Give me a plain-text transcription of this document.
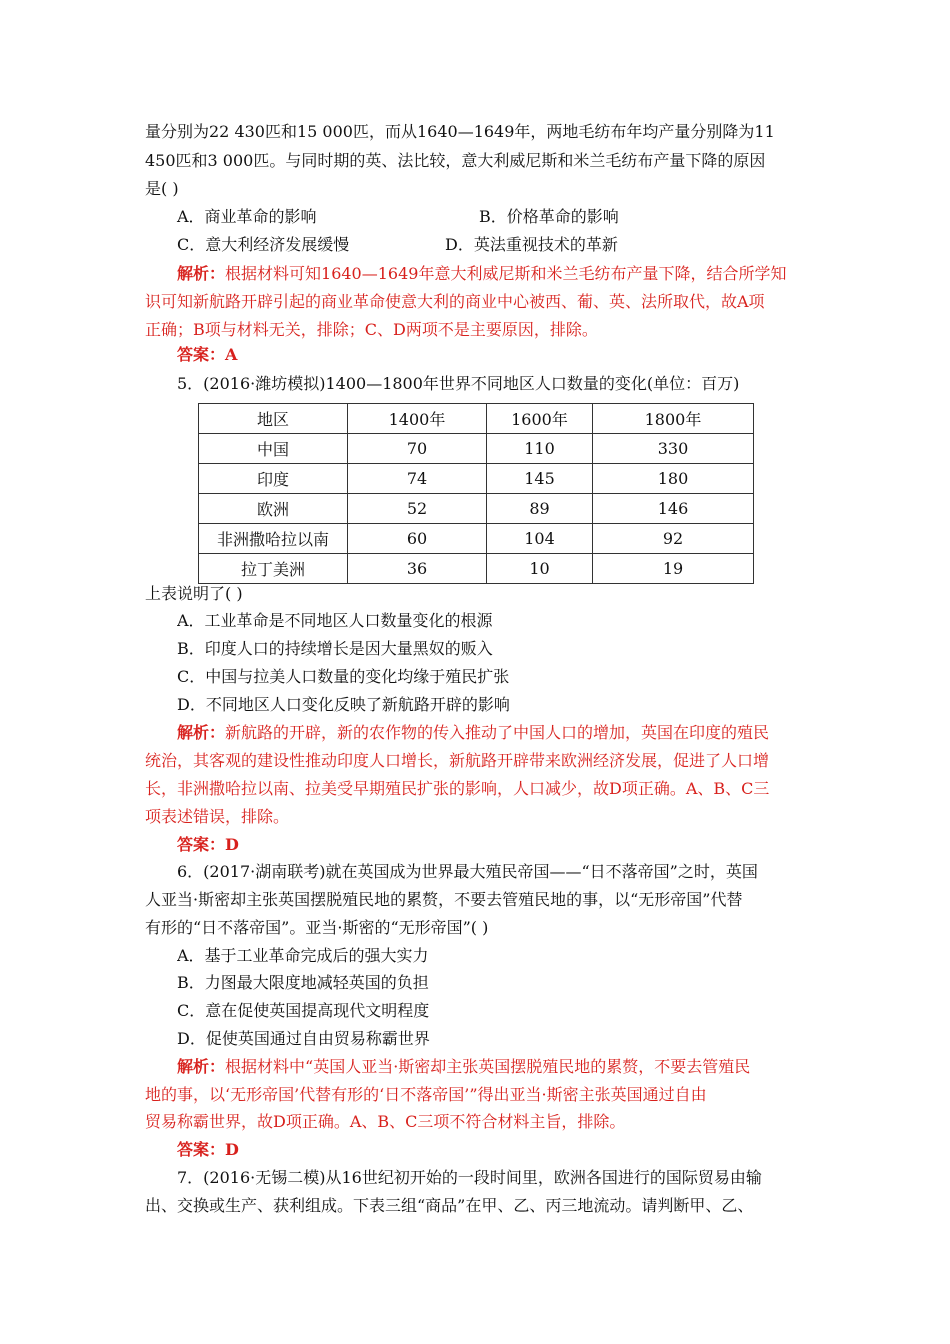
量分别为22 430匹和15 000匹，而从1640—1649年，两地毛纺布年均产量分别降为11
450匹和3 000匹。与同时期的英、法比较，意大利威尼斯和米兰毛纺布产量下降的原因
是( )
A．商业革命的影响	B．价格革命的影响
C．意大利经济发展缓慢	D．英法重视技术的革新
解析：根据材料可知1640—1649年意大利威尼斯和米兰毛纺布产量下降，结合所学知
识可知新航路开辟引起的商业革命使意大利的商业中心被西、葡、英、法所取代，故A项
正确；B项与材料无关，排除；C、D两项不是主要原因，排除。
答案：A
5．(2016·潍坊模拟)1400—1800年世界不同地区人口数量的变化(单位：百万)
地区	1400年	1600年	1800年
中国	70	110	330
印度	74	145	180
欧洲	52	89	146
非洲撒哈拉以南	60	104	92
拉丁美洲	36	10	19
上表说明了( )
A．工业革命是不同地区人口数量变化的根源
B．印度人口的持续增长是因大量黑奴的贩入
C．中国与拉美人口数量的变化均缘于殖民扩张
D．不同地区人口变化反映了新航路开辟的影响
解析：新航路的开辟，新的农作物的传入推动了中国人口的增加，英国在印度的殖民
统治，其客观的建设性推动印度人口增长，新航路开辟带来欧洲经济发展，促进了人口增
长，非洲撒哈拉以南、拉美受早期殖民扩张的影响，人口减少，故D项正确。A、B、C三
项表述错误，排除。
答案：D
6．(2017·湖南联考)就在英国成为世界最大殖民帝国——“日不落帝国”之时，英国
人亚当·斯密却主张英国摆脱殖民地的累赘，不要去管殖民地的事，以“无形帝国”代替
有形的“日不落帝国”。亚当·斯密的“无形帝国”( )
A．基于工业革命完成后的强大实力
B．力图最大限度地减轻英国的负担
C．意在促使英国提高现代文明程度
D．促使英国通过自由贸易称霸世界
解析：根据材料中“英国人亚当·斯密却主张英国摆脱殖民地的累赘，不要去管殖民
地的事，以‘无形帝国’代替有形的‘日不落帝国’”得出亚当·斯密主张英国通过自由
贸易称霸世界，故D项正确。A、B、C三项不符合材料主旨，排除。
答案：D
7．(2016·无锡二模)从16世纪初开始的一段时间里，欧洲各国进行的国际贸易由输
出、交换或生产、获利组成。下表三组“商品”在甲、乙、丙三地流动。请判断甲、乙、
